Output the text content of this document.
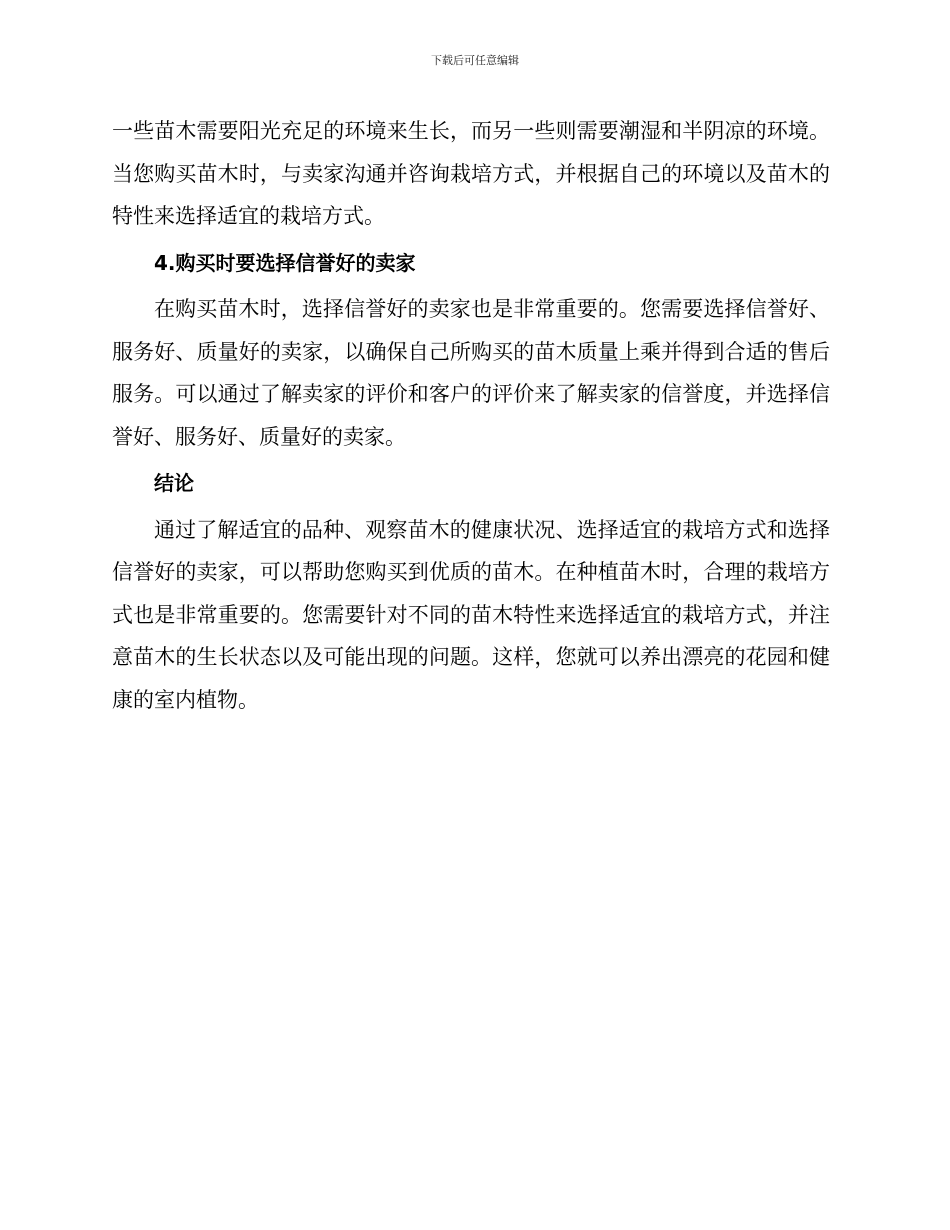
下载后可任意编辑

一些苗木需要阳光充足的环境来生长，而另一些则需要潮湿和半阴凉的环境。当您购买苗木时，与卖家沟通并咨询栽培方式，并根据自己的环境以及苗木的特性来选择适宜的栽培方式。

4.购买时要选择信誉好的卖家

在购买苗木时，选择信誉好的卖家也是非常重要的。您需要选择信誉好、服务好、质量好的卖家，以确保自己所购买的苗木质量上乘并得到合适的售后服务。可以通过了解卖家的评价和客户的评价来了解卖家的信誉度，并选择信誉好、服务好、质量好的卖家。

结论

通过了解适宜的品种、观察苗木的健康状况、选择适宜的栽培方式和选择信誉好的卖家，可以帮助您购买到优质的苗木。在种植苗木时，合理的栽培方式也是非常重要的。您需要针对不同的苗木特性来选择适宜的栽培方式，并注意苗木的生长状态以及可能出现的问题。这样，您就可以养出漂亮的花园和健康的室内植物。
